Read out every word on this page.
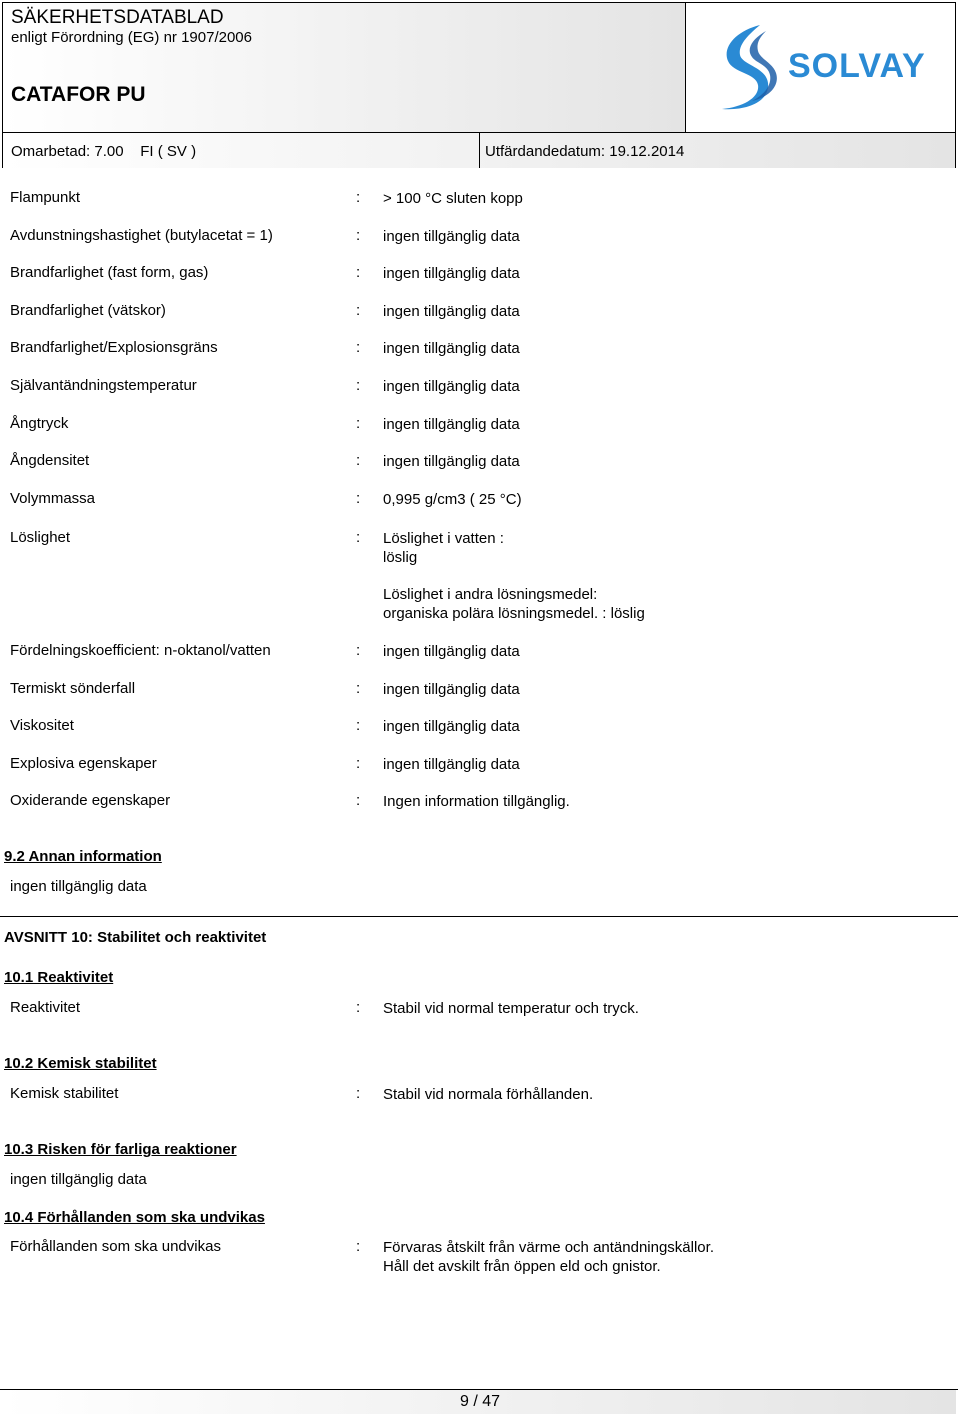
SÄKERHETSDATABLAD
enligt Förordning (EG) nr 1907/2006
CATAFOR PU
SOLVAY
Omarbetad: 7.00 FI ( SV )	Utfärdandedatum: 19.12.2014
Flampunkt	: > 100 °C sluten kopp
Avdunstningshastighet (butylacetat = 1)	: ingen tillgänglig data
Brandfarlighet (fast form, gas)	: ingen tillgänglig data
Brandfarlighet (vätskor)	: ingen tillgänglig data
Brandfarlighet/Explosionsgräns	: ingen tillgänglig data
Självantändningstemperatur	: ingen tillgänglig data
Ångtryck	: ingen tillgänglig data
Ångdensitet	: ingen tillgänglig data
Volymmassa	: 0,995 g/cm3 ( 25 °C)
Löslighet	: Löslighet i vatten :
löslig
Löslighet i andra lösningsmedel:
organiska polära lösningsmedel. : löslig
Fördelningskoefficient: n-oktanol/vatten	: ingen tillgänglig data
Termiskt sönderfall	: ingen tillgänglig data
Viskositet	: ingen tillgänglig data
Explosiva egenskaper	: ingen tillgänglig data
Oxiderande egenskaper	: Ingen information tillgänglig.
9.2 Annan information
ingen tillgänglig data
AVSNITT 10: Stabilitet och reaktivitet
10.1 Reaktivitet
Reaktivitet	: Stabil vid normal temperatur och tryck.
10.2 Kemisk stabilitet
Kemisk stabilitet	: Stabil vid normala förhållanden.
10.3 Risken för farliga reaktioner
ingen tillgänglig data
10.4 Förhållanden som ska undvikas
Förhållanden som ska undvikas	: Förvaras åtskilt från värme och antändningskällor.
Håll det avskilt från öppen eld och gnistor.
9 / 47
